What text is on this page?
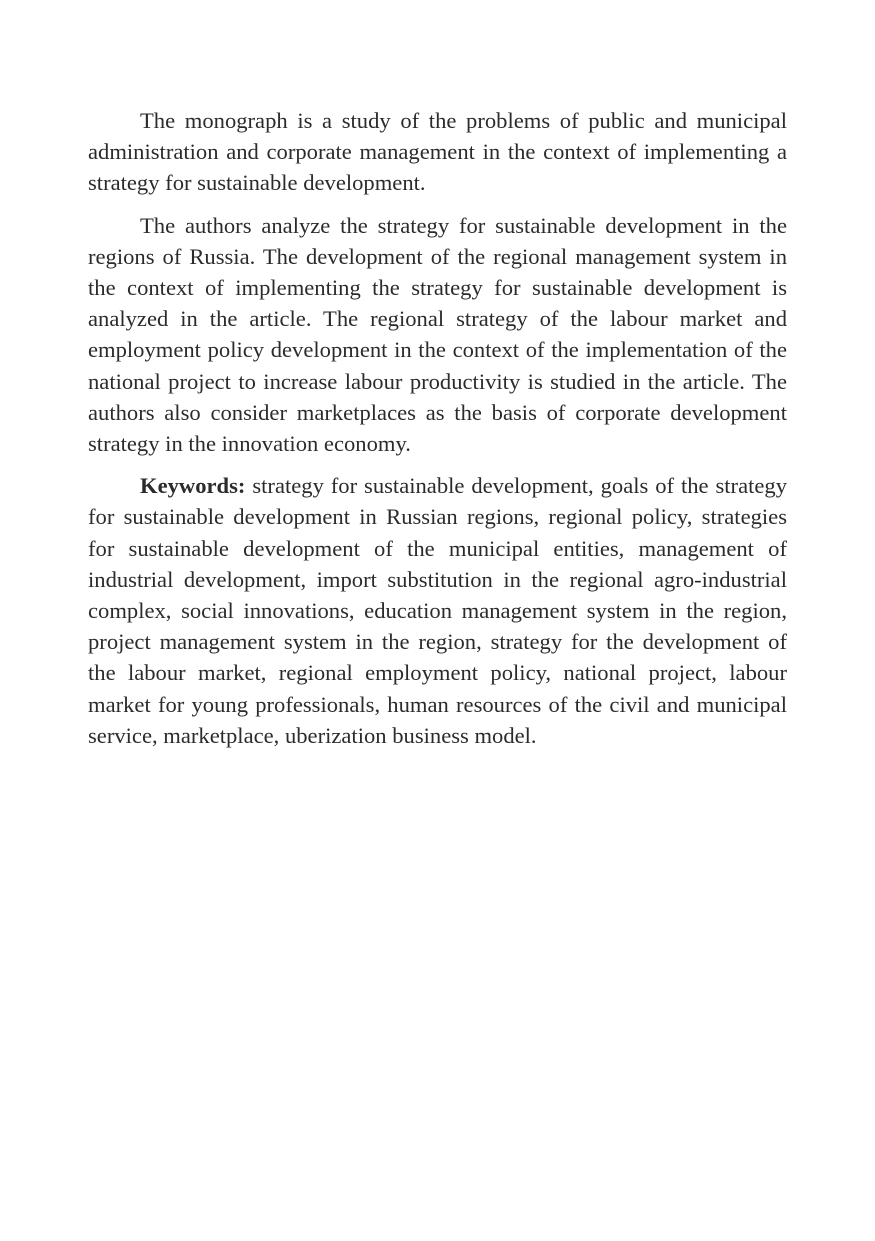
The monograph is a study of the problems of public and municipal administration and corporate management in the context of implementing a strategy for sustainable development.

The authors analyze the strategy for sustainable development in the regions of Russia. The development of the regional management system in the context of implementing the strategy for sustainable development is analyzed in the article. The regional strategy of the labour market and employment policy development in the context of the implementation of the national project to increase labour productivity is studied in the article. The authors also consider marketplaces as the basis of corporate development strategy in the innovation economy.

Keywords: strategy for sustainable development, goals of the strategy for sustainable development in Russian regions, regional policy, strategies for sustainable development of the municipal entities, management of industrial development, import substitution in the regional agro-industrial complex, social innovations, education management system in the region, project management system in the region, strategy for the development of the labour market, regional employment policy, national project, labour market for young professionals, human resources of the civil and municipal service, marketplace, uberization business model.
